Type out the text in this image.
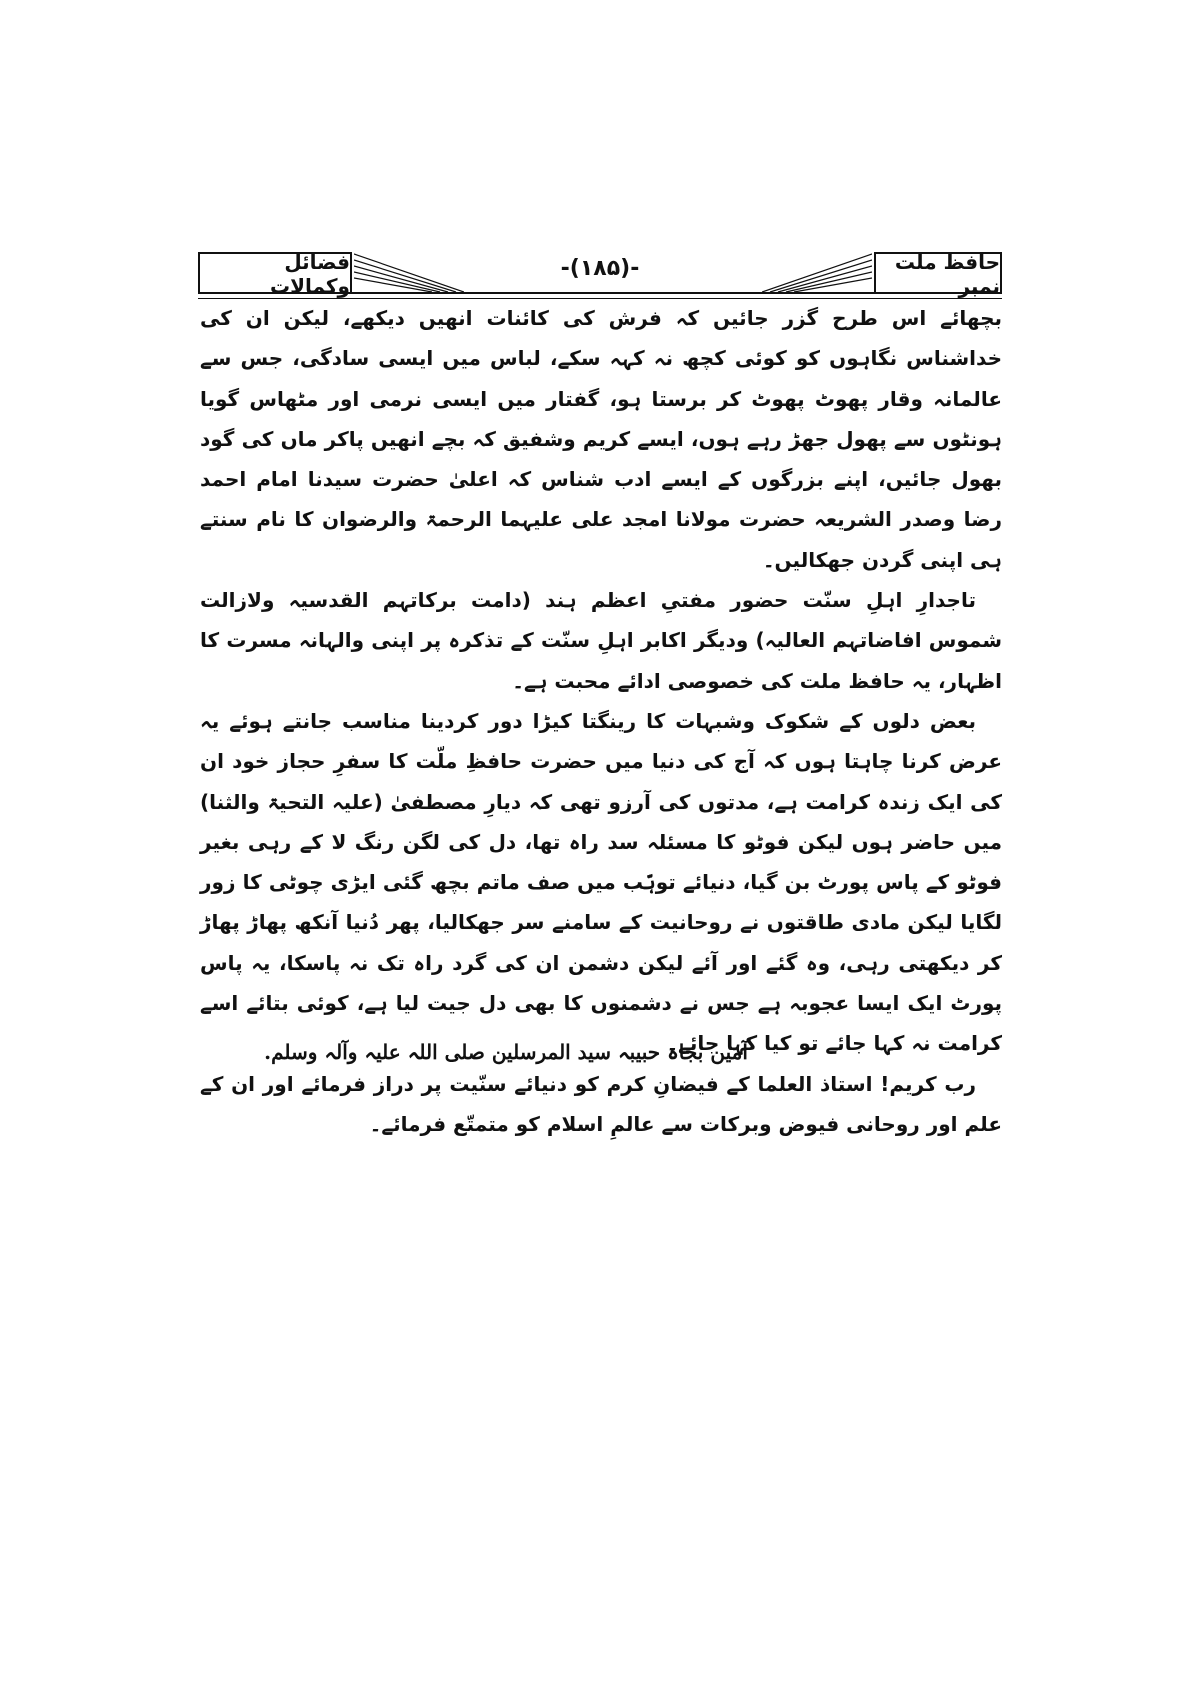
حافظ ملت نمبر
-(۱۸۵)-
فضائل وکمالات

بچھائے اس طرح گزر جائیں کہ فرش کی کائنات انھیں دیکھے، لیکن ان کی خداشناس نگاہوں کو کوئی کچھ نہ کہہ سکے، لباس میں ایسی سادگی، جس سے عالمانہ وقار پھوٹ پھوٹ کر برستا ہو، گفتار میں ایسی نرمی اور مٹھاس گویا ہونٹوں سے پھول جھڑ رہے ہوں، ایسے کریم وشفیق کہ بچے انھیں پاکر ماں کی گود بھول جائیں، اپنے بزرگوں کے ایسے ادب شناس کہ اعلیٰ حضرت سیدنا امام احمد رضا وصدر الشریعہ حضرت مولانا امجد علی علیہما الرحمۃ والرضوان کا نام سنتے ہی اپنی گردن جھکالیں۔

تاجدارِ اہلِ سنّت حضور مفتیِ اعظم ہند (دامت برکاتہم القدسیہ ولازالت شموس افاضاتہم العالیہ) ودیگر اکابر اہلِ سنّت کے تذکرہ پر اپنی والہانہ مسرت کا اظہار، یہ حافظ ملت کی خصوصی ادائے محبت ہے۔

بعض دلوں کے شکوک وشبہات کا رینگتا کیڑا دور کردینا مناسب جانتے ہوئے یہ عرض کرنا چاہتا ہوں کہ آج کی دنیا میں حضرت حافظِ ملّت کا سفرِ حجاز خود ان کی ایک زندہ کرامت ہے، مدتوں کی آرزو تھی کہ دیارِ مصطفیٰ (علیہ التحیۃ والثنا) میں حاضر ہوں لیکن فوٹو کا مسئلہ سد راہ تھا، دل کی لگن رنگ لا کے رہی بغیر فوٹو کے پاس پورٹ بن گیا، دنیائے توہّب میں صف ماتم بچھ گئی ایڑی چوٹی کا زور لگایا لیکن مادی طاقتوں نے روحانیت کے سامنے سر جھکالیا، پھر دُنیا آنکھ پھاڑ پھاڑ کر دیکھتی رہی، وہ گئے اور آئے لیکن دشمن ان کی گرد راہ تک نہ پاسکا، یہ پاس پورٹ ایک ایسا عجوبہ ہے جس نے دشمنوں کا بھی دل جیت لیا ہے، کوئی بتائے اسے کرامت نہ کہا جائے تو کیا کہا جائے۔

رب کریم! استاذ العلما کے فیضانِ کرم کو دنیائے سنّیت پر دراز فرمائے اور ان کے علم اور روحانی فیوض وبرکات سے عالمِ اسلام کو متمتّع فرمائے۔

آمین بجاہ حبیبہ سید المرسلین صلی اللہ علیہ وآلہ وسلم.
